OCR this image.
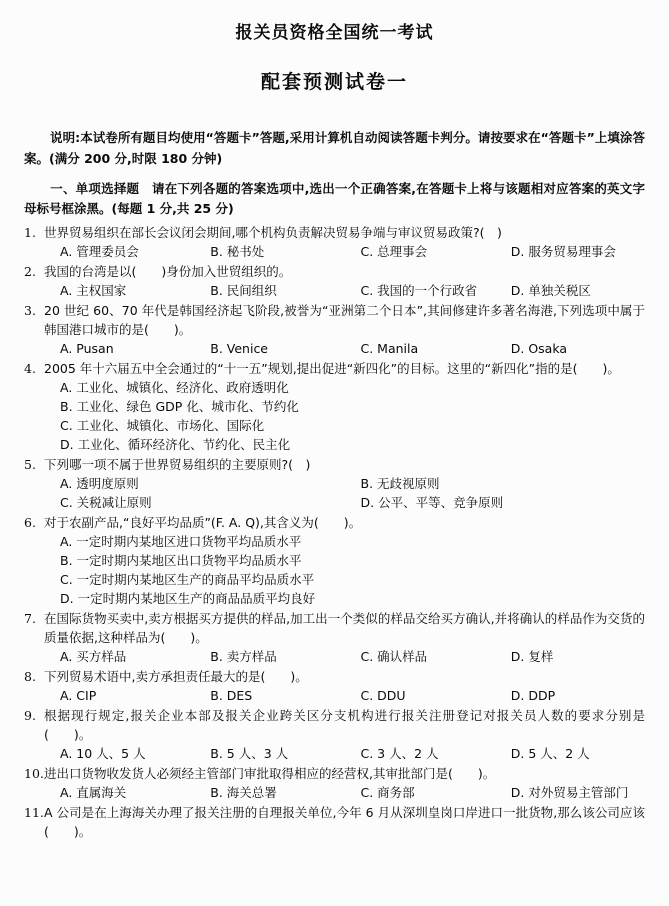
报关员资格全国统一考试
配套预测试卷一
说明:本试卷所有题目均使用“答题卡”答题,采用计算机自动阅读答题卡判分。请按要求在“答题卡”上填涂答案。(满分 200 分,时限 180 分钟)
一、单项选择题　请在下列各题的答案选项中,选出一个正确答案,在答题卡上将与该题相对应答案的英文字母标号框涂黑。(每题 1 分,共 25 分)
1. 世界贸易组织在部长会议闭会期间,哪个机构负责解决贸易争端与审议贸易政策?(　)
A. 管理委员会	B. 秘书处	C. 总理事会	D. 服务贸易理事会
2. 我国的台湾是以(　　)身份加入世贸组织的。
A. 主权国家	B. 民间组织	C. 我国的一个行政省	D. 单独关税区
3. 20 世纪 60、70 年代是韩国经济起飞阶段,被誉为“亚洲第二个日本”,其间修建许多著名海港,下列选项中属于韩国港口城市的是(　　)。
A. Pusan	B. Venice	C. Manila	D. Osaka
4. 2005 年十六届五中全会通过的“十一五”规划,提出促进“新四化”的目标。这里的“新四化”指的是(　　)。
A. 工业化、城镇化、经济化、政府透明化
B. 工业化、绿色 GDP 化、城市化、节约化
C. 工业化、城镇化、市场化、国际化
D. 工业化、循环经济化、节约化、民主化
5. 下列哪一项不属于世界贸易组织的主要原则?(　)
A. 透明度原则	B. 无歧视原则
C. 关税减让原则	D. 公平、平等、竞争原则
6. 对于农副产品,“良好平均品质”(F. A. Q),其含义为(　　)。
A. 一定时期内某地区进口货物平均品质水平
B. 一定时期内某地区出口货物平均品质水平
C. 一定时期内某地区生产的商品平均品质水平
D. 一定时期内某地区生产的商品品质平均良好
7. 在国际货物买卖中,卖方根据买方提供的样品,加工出一个类似的样品交给买方确认,并将确认的样品作为交货的质量依据,这种样品为(　　)。
A. 买方样品	B. 卖方样品	C. 确认样品	D. 复样
8. 下列贸易术语中,卖方承担责任最大的是(　　)。
A. CIP	B. DES	C. DDU	D. DDP
9. 根据现行规定,报关企业本部及报关企业跨关区分支机构进行报关注册登记对报关员人数的要求分别是(　　)。
A. 10 人、5 人	B. 5 人、3 人	C. 3 人、2 人	D. 5 人、2 人
10. 进出口货物收发货人必须经主管部门审批取得相应的经营权,其审批部门是(　　)。
A. 直属海关	B. 海关总署	C. 商务部	D. 对外贸易主管部门
11. A 公司是在上海海关办理了报关注册的自理报关单位,今年 6 月从深圳皇岗口岸进口一批货物,那么该公司应该(　　)。
